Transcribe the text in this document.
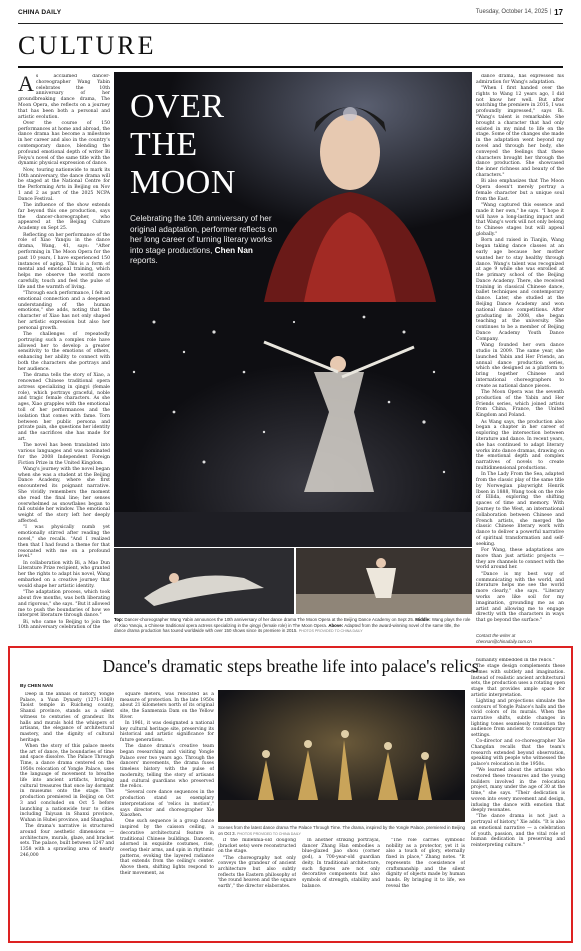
CHINA DAILY	Tuesday, October 14, 2025 | 17
CULTURE

As acclaimed dancer-choreographer Wang Yabin celebrates the 10th anniversary of her groundbreaking dance drama, The Moon Opera, she reflects on a journey that has been both a personal and artistic evolution.

Over the course of 150 performances at home and abroad, the dance drama has become a milestone in her career and also in the country's contemporary dance, blending the profound emotional depth of writer Bi Feiyu's novel of the same title with the dynamic physical expression of dance.

Now, touring nationwide to mark its 10th anniversary, the dance drama will be staged at the National Centre for the Performing Arts in Beijing on Nov 1 and 2 as part of the 2025 NCPA Dance Festival.

The influence of the show extends far beyond this one production, says the dancer-choreographer, who appeared at the Beijing Culture Academy on Sept 25.

Reflecting on her performance of the role of Xiao Yanqiu in the dance drama, Wang, 41, says: "After performing in The Moon Opera for the past 10 years, I have experienced 150 instances of aging. This is a form of mental and emotional training, which helps me observe the world more carefully, touch and feel the pulse of life and the warmth of living.

"Through each performance, I felt an emotional connection and a deepened understanding of the human emotions," she adds, noting that the character of Xiao has not only shaped her artistic expression but also her personal growth.

The challenges of repeatedly portraying such a complex role have allowed her to develop a greater sensitivity to the emotions of others, enhancing her ability to connect with both the characters she portrays and her audience.

The drama tells the story of Xiao, a renowned Chinese traditional opera actress specializing in qingyi (female role), which portrays graceful, noble and tragic female characters. As she ages, Xiao grapples with the emotional toll of her performances and the isolation that comes with fame. Torn between her public persona and private pain, she questions her identity and the sacrifices she has made for art.

The novel has been translated into various languages and was nominated for the 2008 Independent Foreign Fiction Prize in the United Kingdom.

Wang's journey with the novel began when she was a student at the Beijing Dance Academy, where she first encountered its poignant narrative. She vividly remembers the moment she read the final line; her senses overwhelmed as snowflakes began to fall outside her window. The emotional weight of the story left her deeply affected.

"I was physically numb yet emotionally stirred after reading the novel," she recalls. "And I realized then that I had found a theme for that resonated with me on a profound level."

In collaboration with Bi, a Mao Dun Literature Prize recipient, who granted her the rights to adapt his novel, Wang embarked on a creative journey that would shape her artistic identity.

"The adaptation process, which took about five months, was both liberating and rigorous," she says. "But it allowed me to push the boundaries of how we interpret literature through dance."

Bi, who came to Beijing to join the 10th anniversary celebration of the

OVER
THE
MOON
Celebrating the 10th anniversary of her original adaptation, performer reflects on her long career of turning literary works into stage productions, Chen Nan reports.
Top: Dancer-choreographer Wang Yabin announces the 10th anniversary of her dance drama The Moon Opera at the Beijing Dance Academy on Sept 25. Middle: Wang plays the role of Xiao Yanqiu, a Chinese traditional opera actress specializing in the qingyi (female role) in The Moon Opera. Above: Adapted from the award-winning novel of the same title, the dance drama production has toured worldwide with over 150 shows since its premiere in 2015. PHOTOS PROVIDED TO CHINA DAILY

dance drama, has expressed his admiration for Wang's adaptation.

"When I first handed over the rights to Wang 12 years ago, I did not know her well. But after watching the premiere in 2015, I was profoundly impressed," says Bi. "Wang's talent is remarkable. She brought a character that had only existed in my mind to life on the stage. Some of the changes she made in the adaptation went beyond my novel and through her body, she conveyed the feelings that these characters brought her through the dance production. She showcased the inner richness and beauty of the characters."

Bi also emphasizes that The Moon Opera doesn't merely portray a female character but a unique soul from the East.

"Wang captured this essence and made it her own," he says. "I hope it will have a long-lasting impact and that Wang's work will not only belong to Chinese stages but will appeal globally."

Born and raised in Tianjin, Wang began taking dance classes at an early age because her mother wanted her to stay healthy through dance. Wang's talent was recognized at age 9 while she was enrolled at the primary school of the Beijing Dance Academy. There, she received training in classical Chinese dance, ballet techniques and contemporary dance. Later, she studied at the Beijing Dance Academy and won national dance competitions. After graduating in 2008, she began teaching at the university. She continues to be a member of Beijing Dance Academy Youth Dance Company.

Wang founded her own dance studio in 2009. The same year, she launched Yabin and Her Friends, an annual dance production series, which she designed as a platform to bring together Chinese and international choreographers to create as national dance pieces.

The Moon Opera was the seventh production of the Yabin and Her Friends series, which joined artists from China, France, the United Kingdom and Poland.

As Wang says, the production also began a chapter in her career of exploring the intersection between literature and dance. In recent years, she has continued to adapt literary works into dance dramas, drawing on the emotional depth and complex narratives of novels to create multidimensional productions.

In The Lady From the Sea, adapted from the classic play of the same title by Norwegian playwright Henrik Ibsen in 1888, Wang took on the role of Ellida, exploring the shifting spaces of time and memory. With Journey to the West, an international collaboration between Chinese and French artists, she merged the classic Chinese literary work with dance to deliver a powerful narrative of spiritual transformation and self-seeking.

For Wang, these adaptations are more than just artistic projects — they are channels to connect with the world around her.

"Dance is my best way of communicating with the world, and literature helps me see the world more clearly," she says. "Literary works are like soil for my imagination, grounding me as an artist and allowing me to engage directly with the characters in ways that go beyond the surface."

Contact the writer at chennan@chinadaily.com.cn
Dance's dramatic steps breathe life into palace's relics
By CHEN NAN

Deep in the annals of history, Yongle Palace, a Yuan Dynasty (1271-1368) Taoist temple in Ruicheng county, Shanxi province, stands as a silent witness to centuries of grandeur. Its halls and murals hold the whispers of artisans, the elegance of architectural mastery, and the dignity of cultural heritage.

When the story of this palace meets the art of dance, the boundaries of time and space dissolve. The Palace Through Time, a dance drama centered on the 1950s relocation of Yongle Palace, uses the language of movement to breathe life into ancient artifacts, bringing cultural treasures that once lay dormant in museums onto the stage. The production premiered in Beijing on Oct 3 and concluded on Oct 5 before launching a nationwide tour to cities including Taiyuan in Shanxi province, Wuhan in Hubei province, and Shanghai.

The drama's narrative is structured around four aesthetic dimensions — architecture, murals, glaze, and bracket sets. The palace, built between 1247 and 1358 with a sprawling area of nearly 246,000

square meters, was relocated as a measure of protection. In the late 1950s about 21 kilometers north of its original site, the Sanmenxia Dam on the Yellow River.

In 1961, it was designated a national key cultural heritage site, preserving its historical and artistic significance for future generations.

The dance drama's creative team began researching and visiting Yongle Palace over two years ago. Through the dancers' movements, the drama fuses timeless history with the pulse of modernity, telling the story of artisans and cultural guardians who preserved the relics.

"Several core dance sequences in the production stand as exemplary interpretations of 'relics in motion'," says director and choreographer Xie Xiaozhen.

One such sequence is a group dance inspired by the caisson ceiling, a decorative architectural feature in traditional Chinese buildings. Dancers, adorned in exquisite costumes, rise, overlap their arms, and spin in rhythmic patterns, evoking the layered radiance that extends from the ceiling's center. Above them, shifting lights respond to their movement, as

Scenes from the latest dance drama The Palace Through Time. The drama, inspired by the Yongle Palace, premiered in Beijing on Oct 3. PHOTOS PROVIDED TO CHINA DAILY

if the millennia-old dougong (bracket sets) were reconstructed on the stage.

"The choreography not only conveys the grandeur of ancient architecture but also subtly reflects the Eastern philosophy of 'the round heaven and the square earth'," the director elaborates.

In another striking portrayal, dancer Zhang Han embodies a blue-glazed jiao shou (corner god), a 700-year-old guardian deity. In traditional architecture, such figures are not only decorative components but also symbols of strength, stability and balance.

"The role carries symbolic nobility as a protector, yet it is also a touch of glory, eternally fixed in place," Zhang notes. "It represents the coexistence of craftsmanship and the silent dignity of objects made by human hands. By bringing it to life, we reveal the

humanity embedded in the relics."

The stage design complements these themes with subtlety and imagination. Instead of realistic ancient architectural sets, the production uses a rotating open stage that provides ample space for artistic interpretation.

Lighting and projections simulate the contours of Yongle Palace's halls and the vivid colors of its murals. When the narrative shifts, subtle changes in lighting tones seamlessly transition the audience from ancient to contemporary settings.

Co-director and co-choreographer Xie Changdan recalls that the team's research extended beyond observation, speaking with people who witnessed the palace's relocation in the 1950s.

"We learned about the artisans who restored these treasures and the young builders involved in the relocation project, many under the age of 30 at the time," she says. "Their dedication is woven into every movement and design, infusing the dance with emotion that deeply resonates.

"The dance drama is not just a portrayal of history," Xie adds. "It is also an emotional narrative — a celebration of youth, passion, and the vital role of human dedication in preserving and reinterpreting culture."
